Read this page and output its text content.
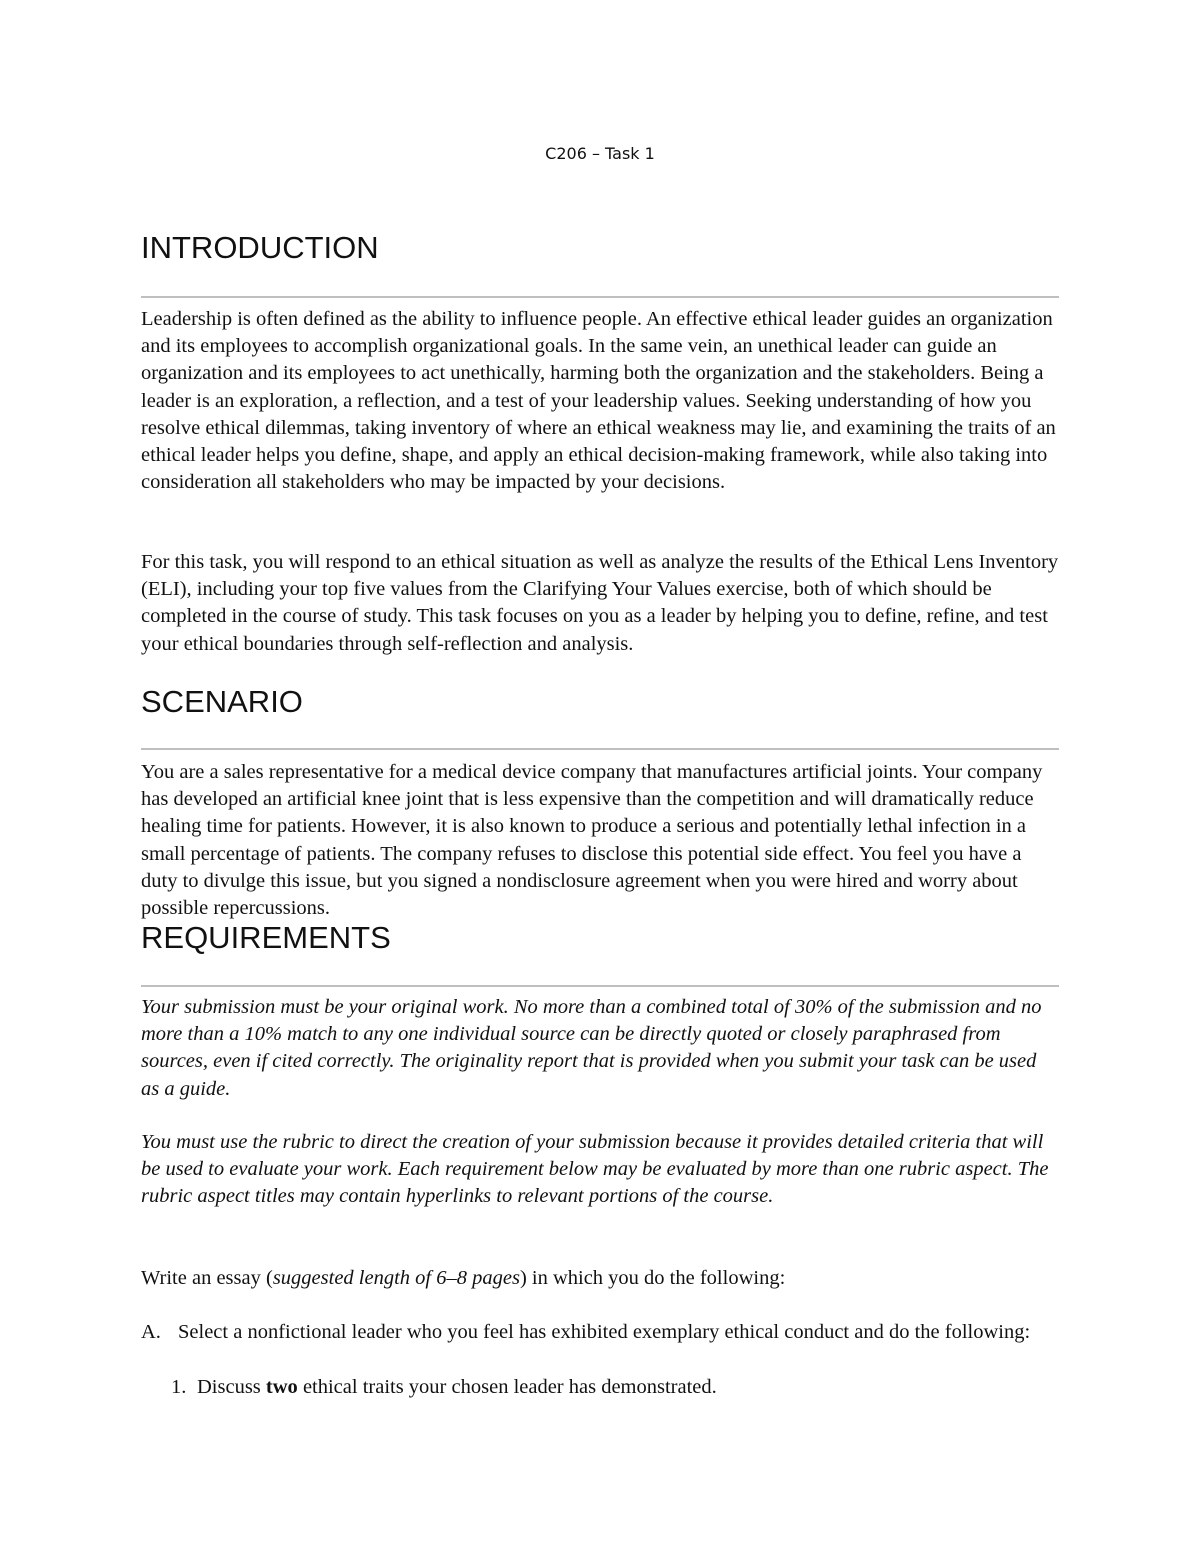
C206 – Task 1
INTRODUCTION

Leadership is often defined as the ability to influence people. An effective ethical leader guides an organization and its employees to accomplish organizational goals. In the same vein, an unethical leader can guide an organization and its employees to act unethically, harming both the organization and the stakeholders. Being a leader is an exploration, a reflection, and a test of your leadership values. Seeking understanding of how you resolve ethical dilemmas, taking inventory of where an ethical weakness may lie, and examining the traits of an ethical leader helps you define, shape, and apply an ethical decision-making framework, while also taking into consideration all stakeholders who may be impacted by your decisions.

For this task, you will respond to an ethical situation as well as analyze the results of the Ethical Lens Inventory (ELI), including your top five values from the Clarifying Your Values exercise, both of which should be completed in the course of study. This task focuses on you as a leader by helping you to define, refine, and test your ethical boundaries through self-reflection and analysis.

SCENARIO

You are a sales representative for a medical device company that manufactures artificial joints. Your company has developed an artificial knee joint that is less expensive than the competition and will dramatically reduce healing time for patients. However, it is also known to produce a serious and potentially lethal infection in a small percentage of patients. The company refuses to disclose this potential side effect. You feel you have a duty to divulge this issue, but you signed a nondisclosure agreement when you were hired and worry about possible repercussions.

REQUIREMENTS

Your submission must be your original work. No more than a combined total of 30% of the submission and no more than a 10% match to any one individual source can be directly quoted or closely paraphrased from sources, even if cited correctly. The originality report that is provided when you submit your task can be used as a guide.

You must use the rubric to direct the creation of your submission because it provides detailed criteria that will be used to evaluate your work. Each requirement below may be evaluated by more than one rubric aspect. The rubric aspect titles may contain hyperlinks to relevant portions of the course.

Write an essay (suggested length of 6–8 pages) in which you do the following:

A. Select a nonfictional leader who you feel has exhibited exemplary ethical conduct and do the following:
1. Discuss two ethical traits your chosen leader has demonstrated.
